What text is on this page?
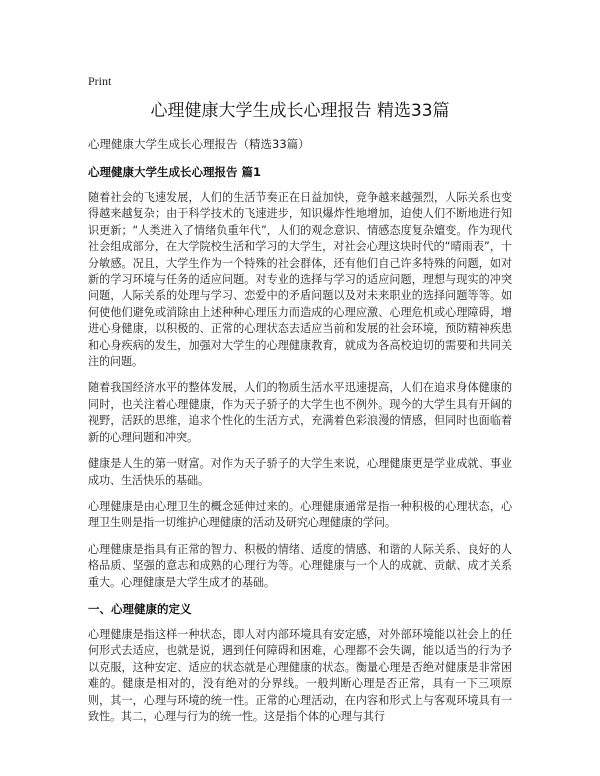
Print
心理健康大学生成长心理报告 精选33篇

心理健康大学生成长心理报告（精选33篇）

心理健康大学生成长心理报告 篇1

随着社会的飞速发展，人们的生活节奏正在日益加快，竞争越来越强烈，人际关系也变得越来越复杂；由于科学技术的飞速进步，知识爆炸性地增加，迫使人们不断地进行知识更新；“人类进入了情绪负重年代”，人们的观念意识、情感态度复杂嬗变。作为现代社会组成部分，在大学院校生活和学习的大学生，对社会心理这块时代的“晴雨表”，十分敏感。况且，大学生作为一个特殊的社会群体，还有他们自己许多特殊的问题，如对新的学习环境与任务的适应问题。对专业的选择与学习的适应问题，理想与现实的冲突问题，人际关系的处理与学习、恋爱中的矛盾问题以及对未来职业的选择问题等等。如何使他们避免或消除由上述种种心理压力而造成的心理应激、心理危机或心理障碍，增进心身健康，以积极的、正常的心理状态去适应当前和发展的社会环境，预防精神疾患和心身疾病的发生，加强对大学生的心理健康教育，就成为各高校迫切的需要和共同关注的问题。

随着我国经济水平的整体发展，人们的物质生活水平迅速提高，人们在追求身体健康的同时，也关注着心理健康，作为天子骄子的大学生也不例外。现今的大学生具有开阔的视野，活跃的思维，追求个性化的生活方式，充满着色彩浪漫的情感，但同时也面临着新的心理问题和冲突。

健康是人生的第一财富。对作为天子骄子的大学生来说，心理健康更是学业成就、事业成功、生活快乐的基础。

心理健康是由心理卫生的概念延伸过来的。心理健康通常是指一种积极的心理状态，心理卫生则是指一切维护心理健康的活动及研究心理健康的学问。

心理健康是指具有正常的智力、积极的情绪、适度的情感、和谐的人际关系、良好的人格品质、坚强的意志和成熟的心理行为等。心理健康与一个人的成就、贡献、成才关系重大。心理健康是大学生成才的基础。

一、心理健康的定义

心理健康是指这样一种状态，即人对内部环境具有安定感，对外部环境能以社会上的任何形式去适应，也就是说，遇到任何障碍和困难，心理都不会失调，能以适当的行为予以克服，这种安定、适应的状态就是心理健康的状态。衡量心理是否绝对健康是非常困难的。健康是相对的，没有绝对的分界线。一般判断心理是否正常，具有一下三项原则，其一，心理与环境的统一性。正常的心理活动，在内容和形式上与客观环境具有一致性。其二，心理与行为的统一性。这是指个体的心理与其行
